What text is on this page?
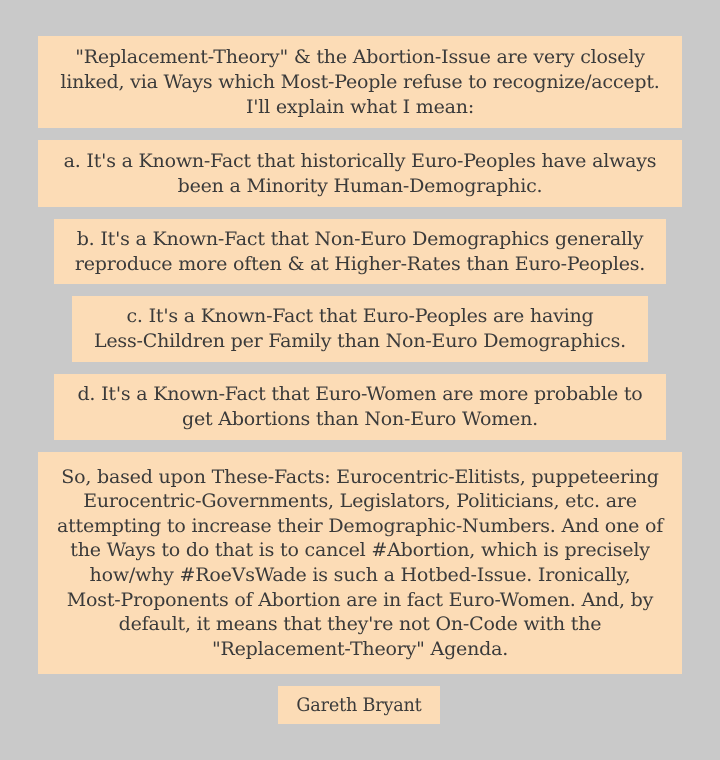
"Replacement-Theory" & the Abortion-Issue are very closely
linked, via Ways which Most-People refuse to recognize/accept.
I'll explain what I mean:
a. It's a Known-Fact that historically Euro-Peoples have always
been a Minority Human-Demographic.
b. It's a Known-Fact that Non-Euro Demographics generally
reproduce more often & at Higher-Rates than Euro-Peoples.
c. It's a Known-Fact that Euro-Peoples are having
Less-Children per Family than Non-Euro Demographics.
d. It's a Known-Fact that Euro-Women are more probable to
get Abortions than Non-Euro Women.
So, based upon These-Facts: Eurocentric-Elitists, puppeteering
Eurocentric-Governments, Legislators, Politicians, etc. are
attempting to increase their Demographic-Numbers. And one of
the Ways to do that is to cancel #Abortion, which is precisely
how/why #RoeVsWade is such a Hotbed-Issue. Ironically,
Most-Proponents of Abortion are in fact Euro-Women. And, by
default, it means that they're not On-Code with the
"Replacement-Theory" Agenda.
Gareth Bryant
